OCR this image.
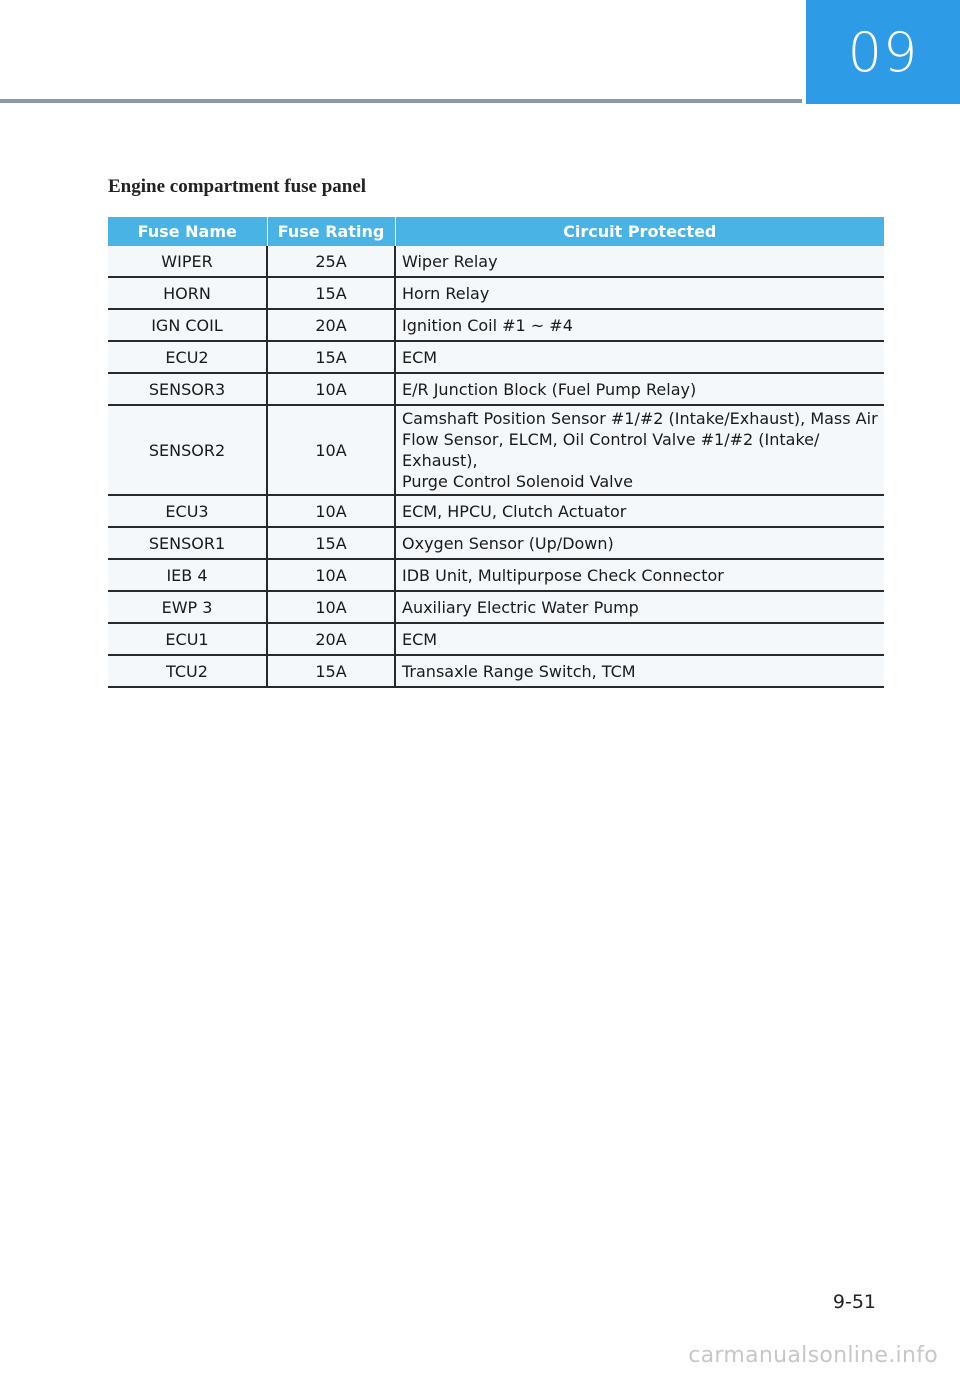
09
Engine compartment fuse panel
Fuse Name	Fuse Rating	Circuit Protected
WIPER	25A	Wiper Relay
HORN	15A	Horn Relay
IGN COIL	20A	Ignition Coil #1 ~ #4
ECU2	15A	ECM
SENSOR3	10A	E/R Junction Block (Fuel Pump Relay)
SENSOR2	10A	Camshaft Position Sensor #1/#2 (Intake/Exhaust), Mass Air Flow Sensor, ELCM, Oil Control Valve #1/#2 (Intake/ Exhaust),
Purge Control Solenoid Valve
ECU3	10A	ECM, HPCU, Clutch Actuator
SENSOR1	15A	Oxygen Sensor (Up/Down)
IEB 4	10A	IDB Unit, Multipurpose Check Connector
EWP 3	10A	Auxiliary Electric Water Pump
ECU1	20A	ECM
TCU2	15A	Transaxle Range Switch, TCM
9-51
carmanualsonline.info
